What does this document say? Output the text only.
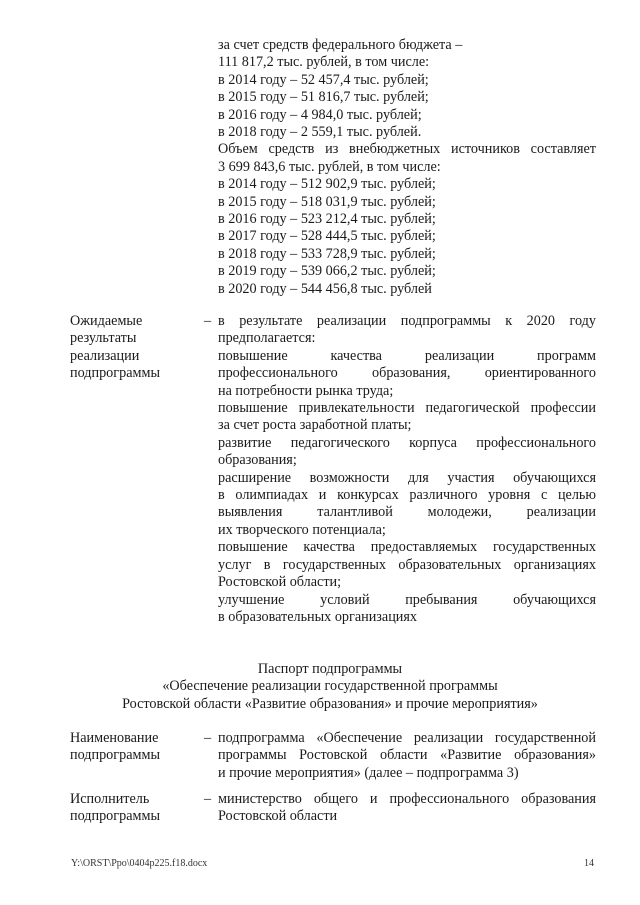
за счет средств федерального бюджета –
111 817,2 тыс. рублей, в том числе:
в 2014 году – 52 457,4 тыс. рублей;
в 2015 году – 51 816,7 тыс. рублей;
в 2016 году – 4 984,0 тыс. рублей;
в 2018 году – 2 559,1 тыс. рублей.
Объем средств из внебюджетных источников составляет
3 699 843,6 тыс. рублей, в том числе:
в 2014 году – 512 902,9 тыс. рублей;
в 2015 году – 518 031,9 тыс. рублей;
в 2016 году – 523 212,4 тыс. рублей;
в 2017 году – 528 444,5 тыс. рублей;
в 2018 году – 533 728,9 тыс. рублей;
в 2019 году – 539 066,2 тыс. рублей;
в 2020 году – 544 456,8 тыс. рублей
Ожидаемые
результаты
реализации
подпрограммы
– в результате реализации подпрограммы к 2020 году
предполагается:
повышение качества реализации программ
профессионального образования, ориентированного
на потребности рынка труда;
повышение привлекательности педагогической профессии
за счет роста заработной платы;
развитие педагогического корпуса профессионального
образования;
расширение возможности для участия обучающихся
в олимпиадах и конкурсах различного уровня с целью
выявления талантливой молодежи, реализации
их творческого потенциала;
повышение качества предоставляемых государственных
услуг в государственных образовательных организациях
Ростовской области;
улучшение условий пребывания обучающихся
в образовательных организациях
Паспорт подпрограммы
«Обеспечение реализации государственной программы
Ростовской области «Развитие образования» и прочие мероприятия»
Наименование
подпрограммы
– подпрограмма «Обеспечение реализации государственной
программы Ростовской области «Развитие образования»
и прочие мероприятия» (далее – подпрограмма 3)
Исполнитель
подпрограммы
– министерство общего и профессионального образования
Ростовской области
Y:\ORST\Ppo\0404p225.f18.docx	14
